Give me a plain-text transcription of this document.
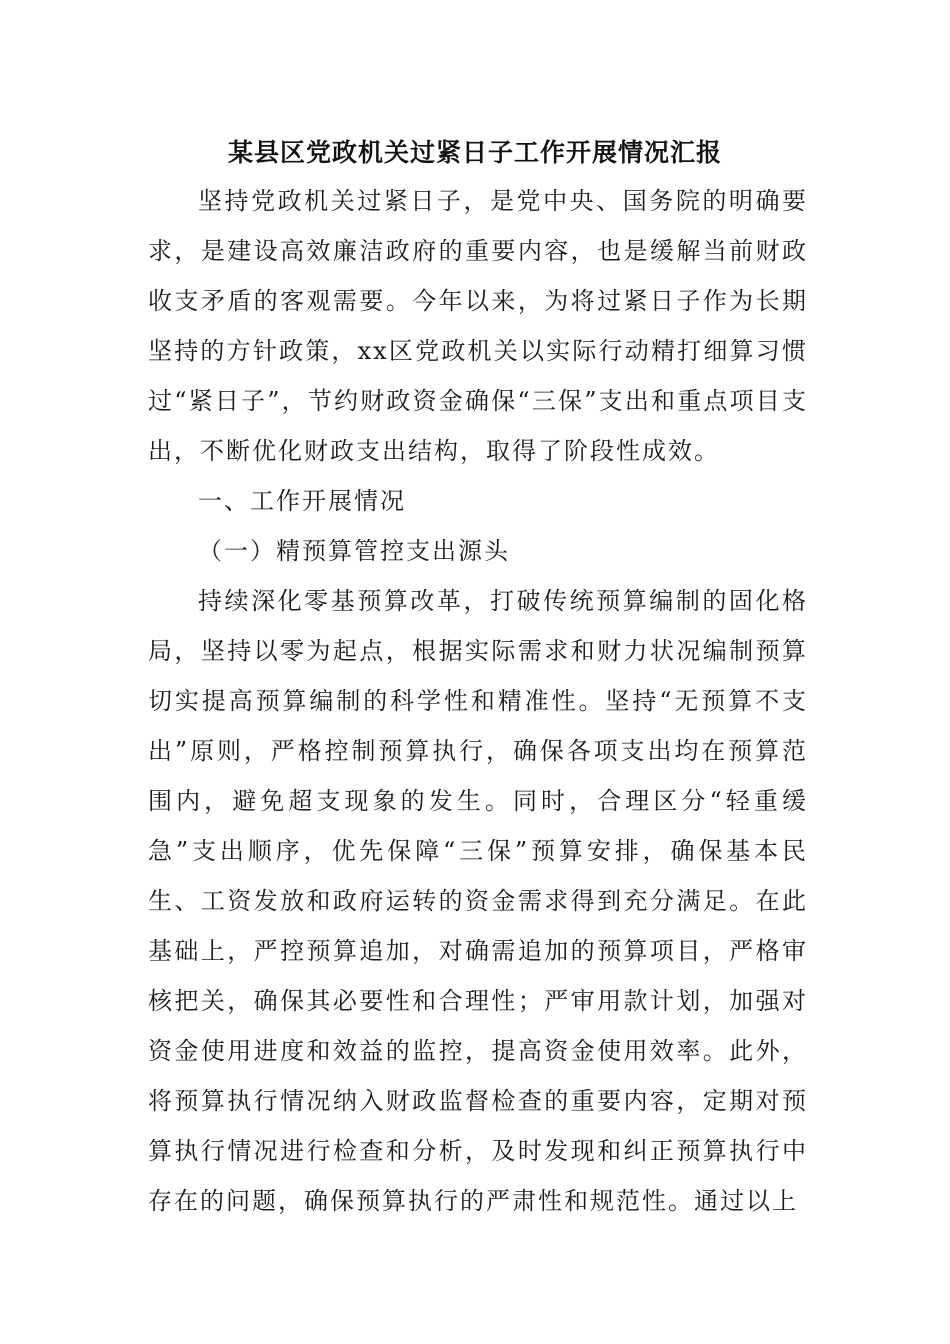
某县区党政机关过紧日子工作开展情况汇报

坚持党政机关过紧日子，是党中央、国务院的明确要求，是建设高效廉洁政府的重要内容，也是缓解当前财政收支矛盾的客观需要。今年以来，为将过紧日子作为长期坚持的方针政策，xx区党政机关以实际行动精打细算习惯过“紧日子”，节约财政资金确保“三保”支出和重点项目支出，不断优化财政支出结构，取得了阶段性成效。

一、工作开展情况

（一）精预算管控支出源头

持续深化零基预算改革，打破传统预算编制的固化格局，坚持以零为起点，根据实际需求和财力状况编制预算切实提高预算编制的科学性和精准性。坚持“无预算不支出”原则，严格控制预算执行，确保各项支出均在预算范围内，避免超支现象的发生。同时，合理区分“轻重缓急”支出顺序，优先保障“三保”预算安排，确保基本民生、工资发放和政府运转的资金需求得到充分满足。在此基础上，严控预算追加，对确需追加的预算项目，严格审核把关，确保其必要性和合理性；严审用款计划，加强对资金使用进度和效益的监控，提高资金使用效率。此外，将预算执行情况纳入财政监督检查的重要内容，定期对预算执行情况进行检查和分析，及时发现和纠正预算执行中存在的问题，确保预算执行的严肃性和规范性。通过以上
